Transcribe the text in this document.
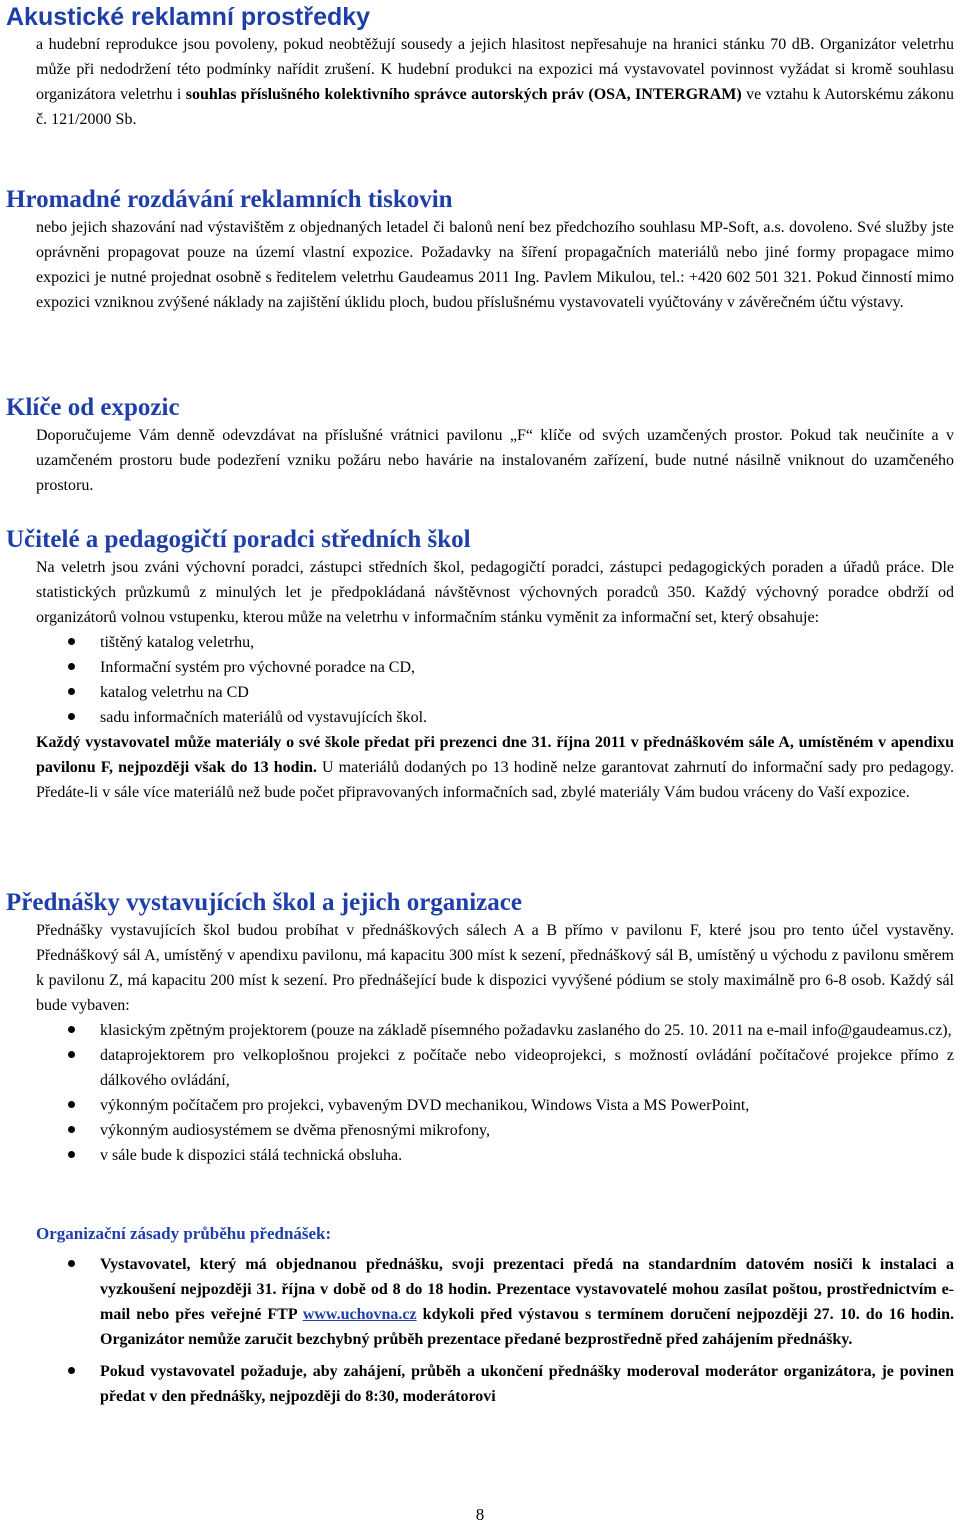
Akustické reklamní prostředky

a hudební reprodukce jsou povoleny, pokud neobtěžují sousedy a jejich hlasitost nepřesahuje na hranici stánku 70 dB. Organizátor veletrhu může při nedodržení této podmínky nařídit zrušení. K hudební produkci na expozici má vystavovatel povinnost vyžádat si kromě souhlasu organizátora veletrhu i souhlas příslušného kolektivního správce autorských práv (OSA, INTERGRAM) ve vztahu k Autorskému zákonu č. 121/2000 Sb.

Hromadné rozdávání reklamních tiskovin

nebo jejich shazování nad výstavištěm z objednaných letadel či balonů není bez předchozího souhlasu MP-Soft, a.s. dovoleno. Své služby jste oprávněni propagovat pouze na území vlastní expozice. Požadavky na šíření propagačních materiálů nebo jiné formy propagace mimo expozici je nutné projednat osobně s ředitelem veletrhu Gaudeamus 2011 Ing. Pavlem Mikulou, tel.: +420 602 501 321. Pokud činností mimo expozici vzniknou zvýšené náklady na zajištění úklidu ploch, budou příslušnému vystavovateli vyúčtovány v závěrečném účtu výstavy.

Klíče od expozic

Doporučujeme Vám denně odevzdávat na příslušné vrátnici pavilonu „F“ klíče od svých uzamčených prostor. Pokud tak neučiníte a v uzamčeném prostoru bude podezření vzniku požáru nebo havárie na instalovaném zařízení, bude nutné násilně vniknout do uzamčeného prostoru.

Učitelé a pedagogičtí poradci středních škol

Na veletrh jsou zváni výchovní poradci, zástupci středních škol, pedagogičtí poradci, zástupci pedagogických poraden a úřadů práce. Dle statistických průzkumů z minulých let je předpokládaná návštěvnost výchovných poradců 350. Každý výchovný poradce obdrží od organizátorů volnou vstupenku, kterou může na veletrhu v informačním stánku vyměnit za informační set, který obsahuje:

tištěný katalog veletrhu,
Informační systém pro výchovné poradce na CD,
katalog veletrhu na CD
sadu informačních materiálů od vystavujících škol.

Každý vystavovatel může materiály o své škole předat při prezenci dne 31. října 2011 v přednáškovém sále A, umístěném v apendixu pavilonu F, nejpozději však do 13 hodin. U materiálů dodaných po 13 hodině nelze garantovat zahrnutí do informační sady pro pedagogy. Předáte-li v sále více materiálů než bude počet připravovaných informačních sad, zbylé materiály Vám budou vráceny do Vaší expozice.

Přednášky vystavujících škol a jejich organizace

Přednášky vystavujících škol budou probíhat v přednáškových sálech A a B přímo v pavilonu F, které jsou pro tento účel vystavěny. Přednáškový sál A, umístěný v apendixu pavilonu, má kapacitu 300 míst k sezení, přednáškový sál B, umístěný u východu z pavilonu směrem k pavilonu Z, má kapacitu 200 míst k sezení. Pro přednášející bude k dispozici vyvýšené pódium se stoly maximálně pro 6-8 osob. Každý sál bude vybaven:

klasickým zpětným projektorem (pouze na základě písemného požadavku zaslaného do 25. 10. 2011 na e-mail info@gaudeamus.cz),
dataprojektorem pro velkoplošnou projekci z počítače nebo videoprojekci, s možností ovládání počítačové projekce přímo z dálkového ovládání,
výkonným počítačem pro projekci, vybaveným DVD mechanikou, Windows Vista a MS PowerPoint,
výkonným audiosystémem se dvěma přenosnými mikrofony,
v sále bude k dispozici stálá technická obsluha.
Organizační zásady průběhu přednášek:
Vystavovatel, který má objednanou přednášku, svoji prezentaci předá na standardním datovém nosiči k instalaci a vyzkoušení nejpozději 31. října v době od 8 do 18 hodin. Prezentace vystavovatelé mohou zasílat poštou, prostřednictvím e-mail nebo přes veřejné FTP www.uchovna.cz kdykoli před výstavou s termínem doručení nejpozději 27. 10. do 16 hodin. Organizátor nemůže zaručit bezchybný průběh prezentace předané bezprostředně před zahájením přednášky.
Pokud vystavovatel požaduje, aby zahájení, průběh a ukončení přednášky moderoval moderátor organizátora, je povinen předat v den přednášky, nejpozději do 8:30, moderátorovi
8
